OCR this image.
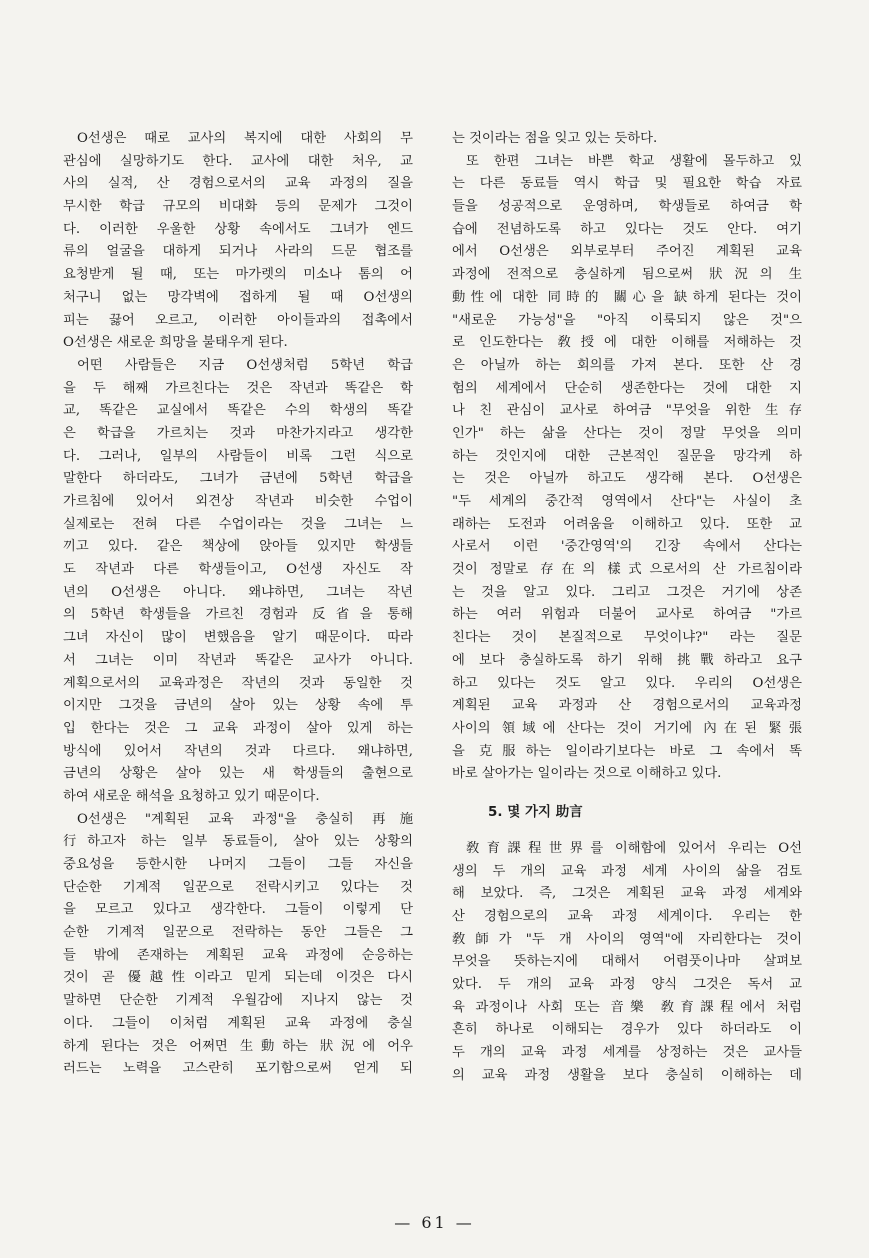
O선생은 때로 교사의 복지에 대한 사회의 무
관심에 실망하기도 한다. 교사에 대한 처우, 교
사의 실적, 산 경험으로서의 교육 과정의 질을
무시한 학급 규모의 비대화 등의 문제가 그것이
다. 이러한 우울한 상황 속에서도 그녀가 엔드
류의 얼굴을 대하게 되거나 사라의 드문 협조를
요청받게 될 때, 또는 마가렛의 미소나 톰의 어
처구니 없는 망각벽에 접하게 될 때 O선생의
피는 끓어 오르고, 이러한 아이들과의 접촉에서
O선생은 새로운 희망을 불태우게 된다.
어떤 사람들은 지금 O선생처럼 5학년 학급
을 두 해째 가르친다는 것은 작년과 똑같은 학
교, 똑같은 교실에서 똑같은 수의 학생의 똑같
은 학급을 가르치는 것과 마찬가지라고 생각한
다. 그러나, 일부의 사람들이 비록 그런 식으로
말한다 하더라도, 그녀가 금년에 5학년 학급을
가르침에 있어서 외견상 작년과 비슷한 수업이
실제로는 전혀 다른 수업이라는 것을 그녀는 느
끼고 있다. 같은 책상에 앉아들 있지만 학생들
도 작년과 다른 학생들이고, O선생 자신도 작
년의 O선생은 아니다. 왜냐하면, 그녀는 작년
의 5학년 학생들을 가르친 경험과 反省을 통해
그녀 자신이 많이 변했음을 알기 때문이다. 따라
서 그녀는 이미 작년과 똑같은 교사가 아니다.
계획으로서의 교육과정은 작년의 것과 동일한 것
이지만 그것을 금년의 살아 있는 상황 속에 투
입 한다는 것은 그 교육 과정이 살아 있게 하는
방식에 있어서 작년의 것과 다르다. 왜냐하면,
금년의 상황은 살아 있는 새 학생들의 출현으로
하여 새로운 해석을 요청하고 있기 때문이다.
O선생은 "계획된 교육 과정"을 충실히 再施
行하고자 하는 일부 동료들이, 살아 있는 상황의
중요성을 등한시한 나머지 그들이 그들 자신을
단순한 기계적 일꾼으로 전락시키고 있다는 것
을 모르고 있다고 생각한다. 그들이 이렇게 단
순한 기계적 일꾼으로 전락하는 동안 그들은 그
들 밖에 존재하는 계획된 교육 과정에 순응하는
것이 곧 優越性이라고 믿게 되는데 이것은 다시
말하면 단순한 기계적 우월감에 지나지 않는 것
이다. 그들이 이처럼 계획된 교육 과정에 충실
하게 된다는 것은 어쩌면 生動하는 狀況에 어우
러드는 노력을 고스란히 포기함으로써 얻게 되
는 것이라는 점을 잊고 있는 듯하다.
또 한편 그녀는 바쁜 학교 생활에 몰두하고 있
는 다른 동료들 역시 학급 및 필요한 학습 자료
들을 성공적으로 운영하며, 학생들로 하여금 학
습에 전념하도록 하고 있다는 것도 안다. 여기
에서 O선생은 외부로부터 주어진 계획된 교육
과정에 전적으로 충실하게 됨으로써 狀況의 生
動性에 대한 同時的 關心을 缺하게 된다는 것이
"새로운 가능성"을 "아직 이룩되지 않은 것"으
로 인도한다는 敎授에 대한 이해를 저해하는 것
은 아닐까 하는 회의를 가져 본다. 또한 산 경
험의 세계에서 단순히 생존한다는 것에 대한 지
나 친 관심이 교사로 하여금 "무엇을 위한 生存
인가" 하는 삶을 산다는 것이 정말 무엇을 의미
하는 것인지에 대한 근본적인 질문을 망각케 하
는 것은 아닐까 하고도 생각해 본다. O선생은
"두 세계의 중간적 영역에서 산다"는 사실이 초
래하는 도전과 어려움을 이해하고 있다. 또한 교
사로서 이런 '중간영역'의 긴장 속에서 산다는
것이 정말로 存在의 樣式으로서의 산 가르침이라
는 것을 알고 있다. 그리고 그것은 거기에 상존
하는 여러 위험과 더불어 교사로 하여금 "가르
친다는 것이 본질적으로 무엇이냐?" 라는 질문
에 보다 충실하도록 하기 위해 挑戰하라고 요구
하고 있다는 것도 알고 있다. 우리의 O선생은
계획된 교육 과정과 산 경험으로서의 교육과정
사이의 領域에 산다는 것이 거기에 內在된 緊張
을 克服하는 일이라기보다는 바로 그 속에서 똑
바로 살아가는 일이라는 것으로 이해하고 있다.
5. 몇 가지 助言
敎育課程世界를 이해함에 있어서 우리는 O선
생의 두 개의 교육 과정 세계 사이의 삶을 검토
해 보았다. 즉, 그것은 계획된 교육 과정 세계와
산 경험으로의 교육 과정 세계이다. 우리는 한
敎師가 "두 개 사이의 영역"에 자리한다는 것이
무엇을 뜻하는지에 대해서 어렴풋이나마 살펴보
았다. 두 개의 교육 과정 양식 그것은 독서 교
육 과정이나 사회 또는 音樂 敎育課程에서 처럼
흔히 하나로 이해되는 경우가 있다 하더라도 이
두 개의 교육 과정 세계를 상정하는 것은 교사들
의 교육 과정 생활을 보다 충실히 이해하는 데
— 61 —
